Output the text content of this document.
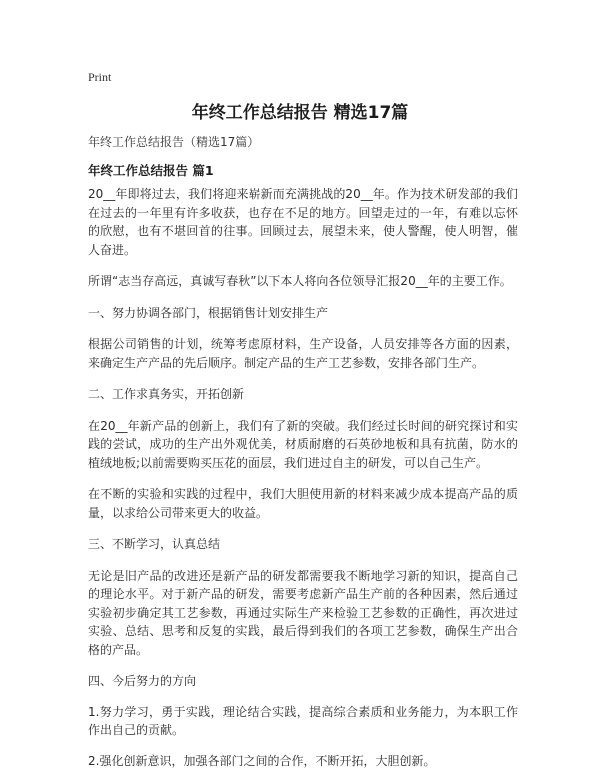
Print
年终工作总结报告 精选17篇
年终工作总结报告（精选17篇）
年终工作总结报告 篇1

20__年即将过去，我们将迎来崭新而充满挑战的20__年。作为技术研发部的我们在过去的一年里有许多收获，也存在不足的地方。回望走过的一年，有难以忘怀的欣慰，也有不堪回首的往事。回顾过去，展望未来，使人警醒，使人明智，催人奋进。

所谓“志当存高远，真诚写春秋”以下本人将向各位领导汇报20__年的主要工作。

一、努力协调各部门，根据销售计划安排生产

根据公司销售的计划，统筹考虑原材料，生产设备，人员安排等各方面的因素，来确定生产产品的先后顺序。制定产品的生产工艺参数，安排各部门生产。

二、工作求真务实，开拓创新

在20__年新产品的创新上，我们有了新的突破。我们经过长时间的研究探讨和实践的尝试，成功的生产出外观优美，材质耐磨的石英砂地板和具有抗菌，防水的植绒地板;以前需要购买压花的面层，我们进过自主的研发，可以自己生产。

在不断的实验和实践的过程中，我们大胆使用新的材料来减少成本提高产品的质量，以求给公司带来更大的收益。

三、不断学习，认真总结

无论是旧产品的改进还是新产品的研发都需要我不断地学习新的知识，提高自己的理论水平。对于新产品的研发，需要考虑新产品生产前的各种因素，然后通过实验初步确定其工艺参数，再通过实际生产来检验工艺参数的正确性，再次进过实验、总结、思考和反复的实践，最后得到我们的各项工艺参数，确保生产出合格的产品。

四、今后努力的方向

1.努力学习，勇于实践，理论结合实践，提高综合素质和业务能力，为本职工作作出自己的贡献。

2.强化创新意识，加强各部门之间的合作，不断开拓，大胆创新。
